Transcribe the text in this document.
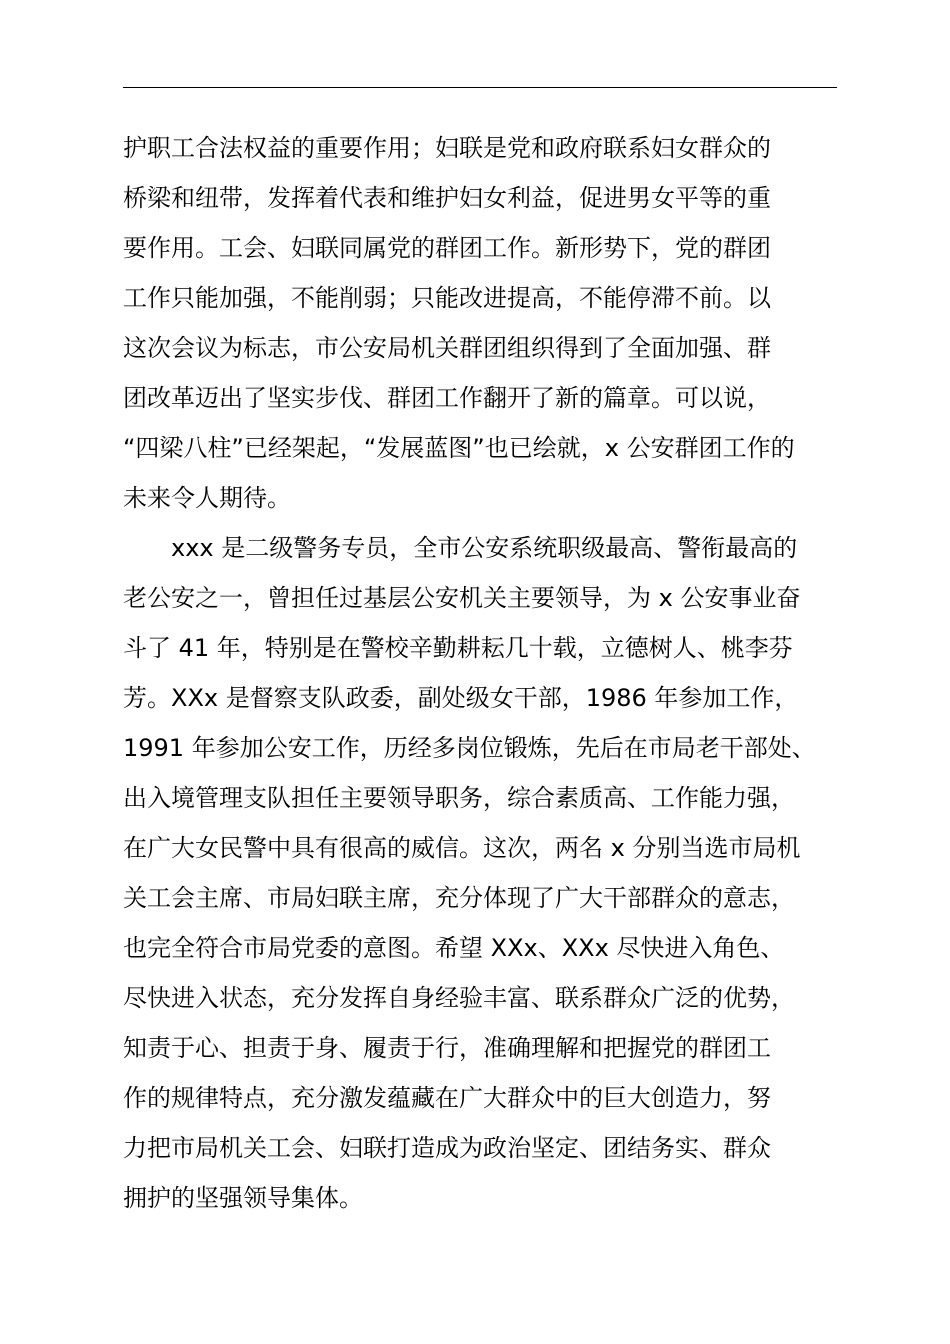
护职工合法权益的重要作用；妇联是党和政府联系妇女群众的
桥梁和纽带，发挥着代表和维护妇女利益，促进男女平等的重
要作用。工会、妇联同属党的群团工作。新形势下，党的群团
工作只能加强，不能削弱；只能改进提高，不能停滞不前。以
这次会议为标志，市公安局机关群团组织得到了全面加强、群
团改革迈出了坚实步伐、群团工作翻开了新的篇章。可以说，
“四梁八柱”已经架起，“发展蓝图”也已绘就，x 公安群团工作的
未来令人期待。
xxx 是二级警务专员，全市公安系统职级最高、警衔最高的
老公安之一，曾担任过基层公安机关主要领导，为 x 公安事业奋
斗了 41 年，特别是在警校辛勤耕耘几十载，立德树人、桃李芬
芳。XXx 是督察支队政委，副处级女干部，1986 年参加工作，
1991 年参加公安工作，历经多岗位锻炼，先后在市局老干部处、
出入境管理支队担任主要领导职务，综合素质高、工作能力强，
在广大女民警中具有很高的威信。这次，两名 x 分别当选市局机
关工会主席、市局妇联主席，充分体现了广大干部群众的意志，
也完全符合市局党委的意图。希望 XXx、XXx 尽快进入角色、
尽快进入状态，充分发挥自身经验丰富、联系群众广泛的优势，
知责于心、担责于身、履责于行，准确理解和把握党的群团工
作的规律特点，充分激发蕴藏在广大群众中的巨大创造力，努
力把市局机关工会、妇联打造成为政治坚定、团结务实、群众
拥护的坚强领导集体。
